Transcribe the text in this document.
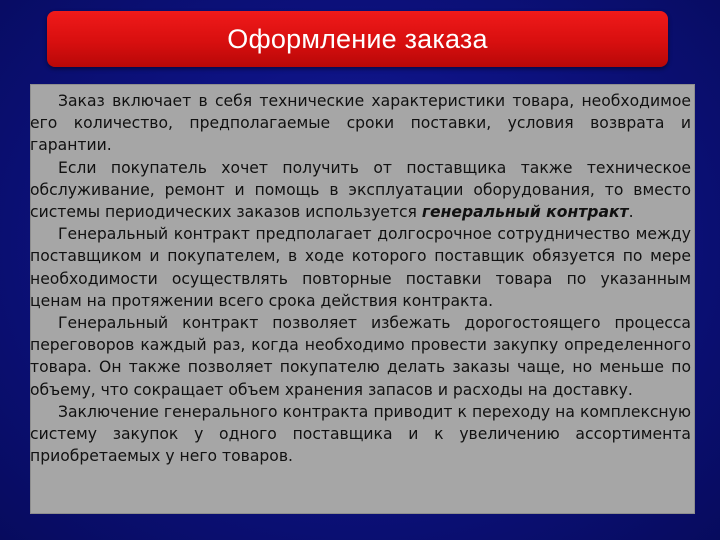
Оформление заказа

Заказ включает в себя технические характеристики товара, необходимое его количество, предполагаемые сроки поставки, условия возврата и гарантии.

Если покупатель хочет получить от поставщика также техническое обслуживание, ремонт и помощь в эксплуатации оборудования, то вместо системы периодических заказов используется генеральный контракт.

Генеральный контракт предполагает долгосрочное сотрудничество между поставщиком и покупателем, в ходе которого поставщик обязуется по мере необходимости осуществлять повторные поставки товара по указанным ценам на протяжении всего срока действия контракта.

Генеральный контракт позволяет избежать дорогостоящего процесса переговоров каждый раз, когда необходимо провести закупку определенного товара. Он также позволяет покупателю делать заказы чаще, но меньше по объему, что сокращает объем хранения запасов и расходы на доставку.

Заключение генерального контракта приводит к переходу на комплексную систему закупок у одного поставщика и к увеличению ассортимента приобретаемых у него товаров.
